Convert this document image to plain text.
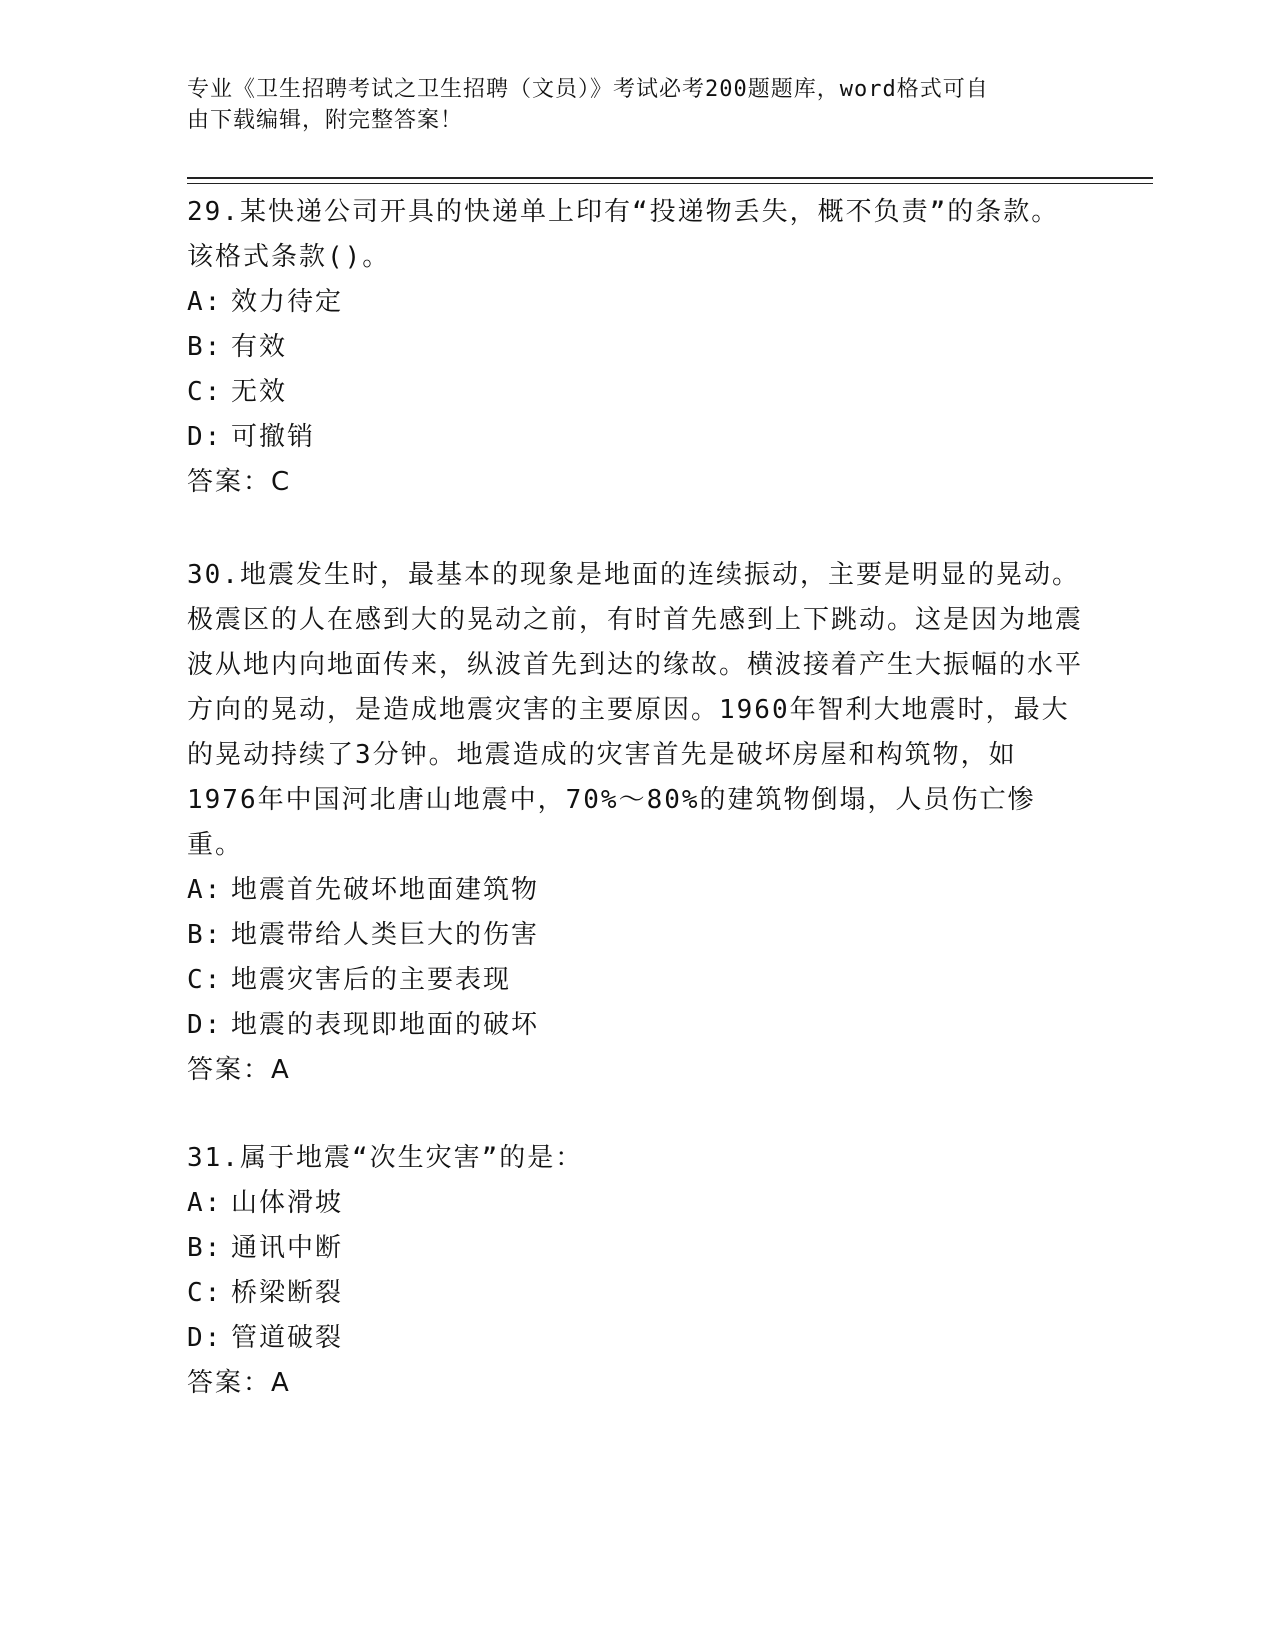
专业《卫生招聘考试之卫生招聘（文员）》考试必考200题题库，word格式可自

由下载编辑，附完整答案！

29.某快递公司开具的快递单上印有“投递物丢失，概不负责”的条款。该格式条款()。

A: 效力待定

B: 有效

C: 无效

D: 可撤销

答案：C

30.地震发生时，最基本的现象是地面的连续振动，主要是明显的晃动。极震区的人在感到大的晃动之前，有时首先感到上下跳动。这是因为地震波从地内向地面传来，纵波首先到达的缘故。横波接着产生大振幅的水平方向的晃动，是造成地震灾害的主要原因。1960年智利大地震时，最大的晃动持续了3分钟。地震造成的灾害首先是破坏房屋和构筑物，如1976年中国河北唐山地震中，70%～80%的建筑物倒塌，人员伤亡惨重。

A: 地震首先破坏地面建筑物

B: 地震带给人类巨大的伤害

C: 地震灾害后的主要表现

D: 地震的表现即地面的破坏

答案：A

31.属于地震“次生灾害”的是：

A: 山体滑坡

B: 通讯中断

C: 桥梁断裂

D: 管道破裂

答案：A
